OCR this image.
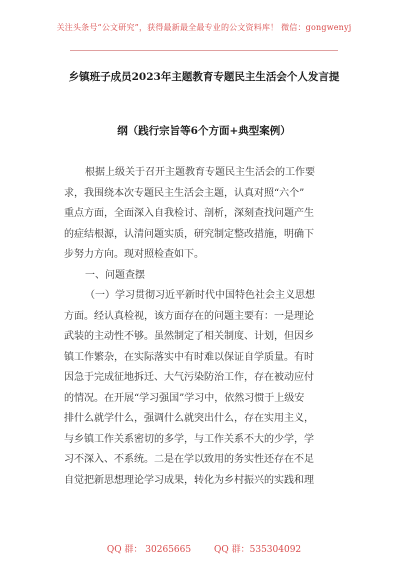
关注头条号“公文研究”，获得最新最全最专业的公文资料库！ 微信：gongwenyj
乡镇班子成员2023年主题教育专题民主生活会个人发言提
纲（践行宗旨等6个方面+典型案例）
根据上级关于召开主题教育专题民主生活会的工作要
求，我围绕本次专题民主生活会主题，认真对照“六个”
重点方面，全面深入自我检讨、剖析，深刻查找问题产生
的症结根源，认清问题实质，研究制定整改措施，明确下
步努力方向。现对照检查如下。
一、问题查摆
（一）学习贯彻习近平新时代中国特色社会主义思想
方面。经认真检视，该方面存在的问题主要有：一是理论
武装的主动性不够。虽然制定了相关制度、计划，但因乡
镇工作繁杂，在实际落实中有时难以保证自学质量。有时
因急于完成征地拆迁、大气污染防治工作，存在被动应付
的情况。在开展“学习强国”学习中，依然习惯于上级安
排什么就学什么，强调什么就突出什么，存在实用主义，
与乡镇工作关系密切的多学，与工作关系不大的少学，学
习不深入、不系统。二是在学以致用的务实性还存在不足
自觉把新思想理论学习成果，转化为乡村振兴的实践和理
QQ 群： 30265665	QQ 群：535304092
